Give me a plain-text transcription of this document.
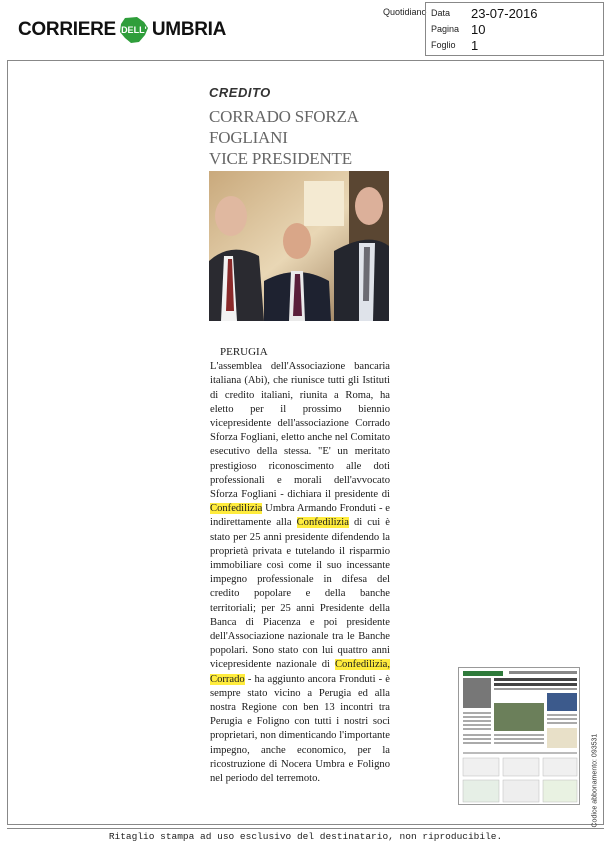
CORRIERE DELL' UMBRIA
Quotidiano Data	23-07-2016
Pagina 10
Foglio	1
CREDITO
CORRADO SFORZA FOGLIANI
VICE PRESIDENTE
PERUGIA
L'assemblea dell'Associazione bancaria italiana (Abi), che riunisce tutti gli Istituti di credito italiani, riunita a Roma, ha eletto per il prossimo biennio vicepresidente dell'associazione Corrado Sforza Fogliani, eletto anche nel Comitato esecutivo della stessa. "E' un meritato prestigioso riconoscimento alle doti professionali e morali dell'avvocato Sforza Fogliani - dichiara il presidente di Confedilizia Umbra Armando Fronduti - e indirettamente alla Confedilizia di cui è stato per 25 anni presidente difendendo la proprietà privata e tutelando il risparmio immobiliare così come il suo incessante impegno professionale in difesa del credito popolare e della banche territoriali; per 25 anni Presidente della Banca di Piacenza e poi presidente dell'Associazione nazionale tra le Banche popolari. Sono stato con lui quattro anni vicepresidente nazionale di Confedilizia, Corrado - ha aggiunto ancora Fronduti - è sempre stato vicino a Perugia ed alla nostra Regione con ben 13 incontri tra Perugia e Foligno con tutti i nostri soci proprietari, non dimenticando l'importante impegno, anche economico, per la ricostruzione di Nocera Umbra e Foligno nel periodo del terremoto.	Codice abbonamento: 093531
Ritaglio stampa ad uso esclusivo del destinatario, non riproducibile.
